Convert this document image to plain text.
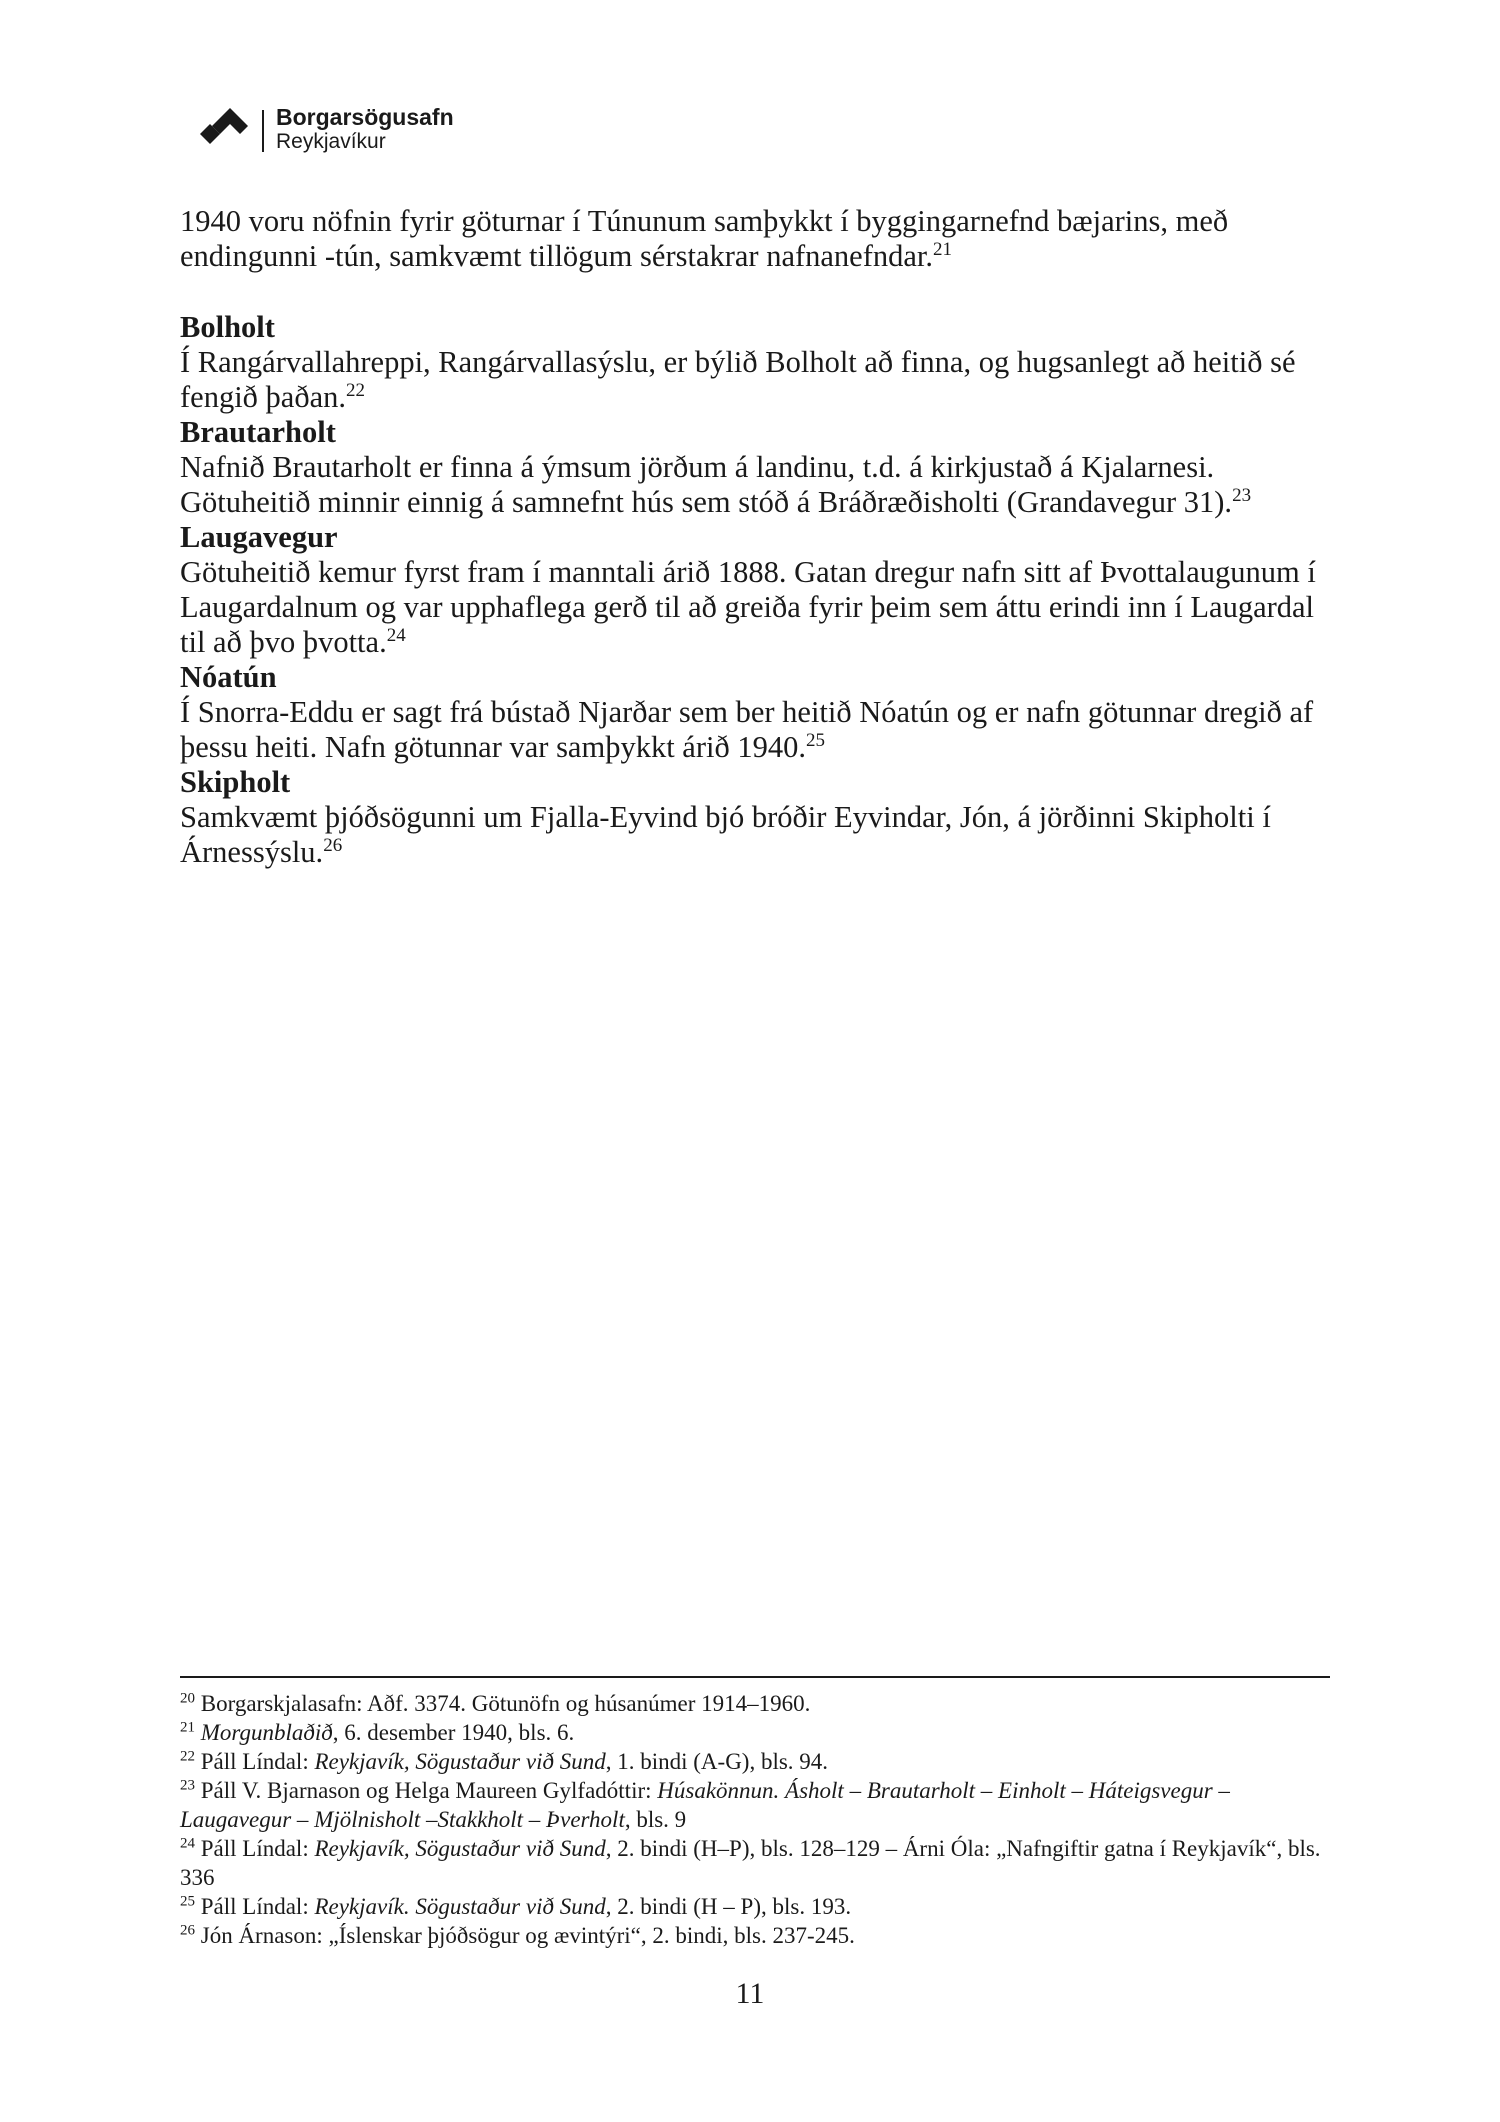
Borgarsögusafn
Reykjavíkur

1940 voru nöfnin fyrir göturnar í Túnunum samþykkt í byggingarnefnd bæjarins, með endingunni -tún, samkvæmt tillögum sérstakrar nafnanefndar.$^{21}$

Bolholt

Í Rangárvallahreppi, Rangárvallasýslu, er býlið Bolholt að finna, og hugsanlegt að heitið sé fengið þaðan.$^{22}$

Brautarholt

Nafnið Brautarholt er finna á ýmsum jörðum á landinu, t.d. á kirkjustað á Kjalarnesi. Götuheitið minnir einnig á samnefnt hús sem stóð á Bráðræðisholti (Grandavegur 31).$^{23}$

Laugavegur

Götuheitið kemur fyrst fram í manntali árið 1888. Gatan dregur nafn sitt af Þvottalaugunum í Laugardalnum og var upphaflega gerð til að greiða fyrir þeim sem áttu erindi inn í Laugardal til að þvo þvotta.$^{24}$

Nóatún

Í Snorra-Eddu er sagt frá bústað Njarðar sem ber heitið Nóatún og er nafn götunnar dregið af þessu heiti. Nafn götunnar var samþykkt árið 1940.25

Skipholt

Samkvæmt þjóðsögunni um Fjalla-Eyvind bjó bróðir Eyvindar, Jón, á jörðinni Skipholti í Árnessýslu.$^{26}$

$^{20}$ Borgarskjalasafn: Aðf. 3374. Götunöfn og húsanúmer 1914–1960.

$^{21}$ Morgunblaðið, 6. desember 1940, bls. 6.

$^{22}$ Páll Líndal: Reykjavík, Sögustaður við Sund, 1. bindi (A-G), bls. 94.

$^{23}$ Páll V. Bjarnason og Helga Maureen Gylfadóttir: Húsakönnun. Ásholt – Brautarholt – Einholt – Háteigsvegur – Laugavegur – Mjölnisholt –Stakkholt – Þverholt, bls. 9

$^{24}$ Páll Líndal: Reykjavík, Sögustaður við Sund, 2. bindi (H–P), bls. 128–129 – Árni Óla: „Nafngiftir gatna í Reykjavík“, bls. 336

$^{25}$ Páll Líndal: Reykjavík. Sögustaður við Sund, 2. bindi (H – P), bls. 193.

$^{26}$ Jón Árnason: „Íslenskar þjóðsögur og ævintýri“, 2. bindi, bls. 237-245.

11
